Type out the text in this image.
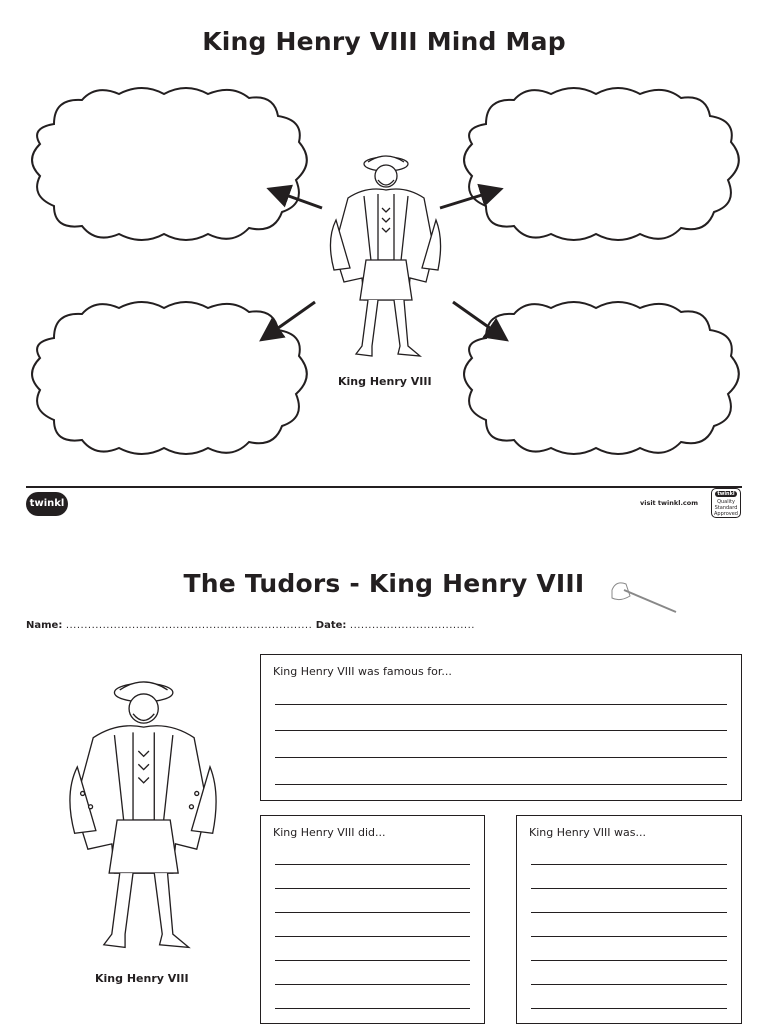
King Henry VIII Mind Map
King Henry VIII
twinkl	visit twinkl.com
twinkl
Quality Standard Approved
The Tudors - King Henry VIII
Name: ................................................................... Date: ..................................
King Henry VIII
King Henry VIII was famous for...
King Henry VIII did...	King Henry VIII was...
